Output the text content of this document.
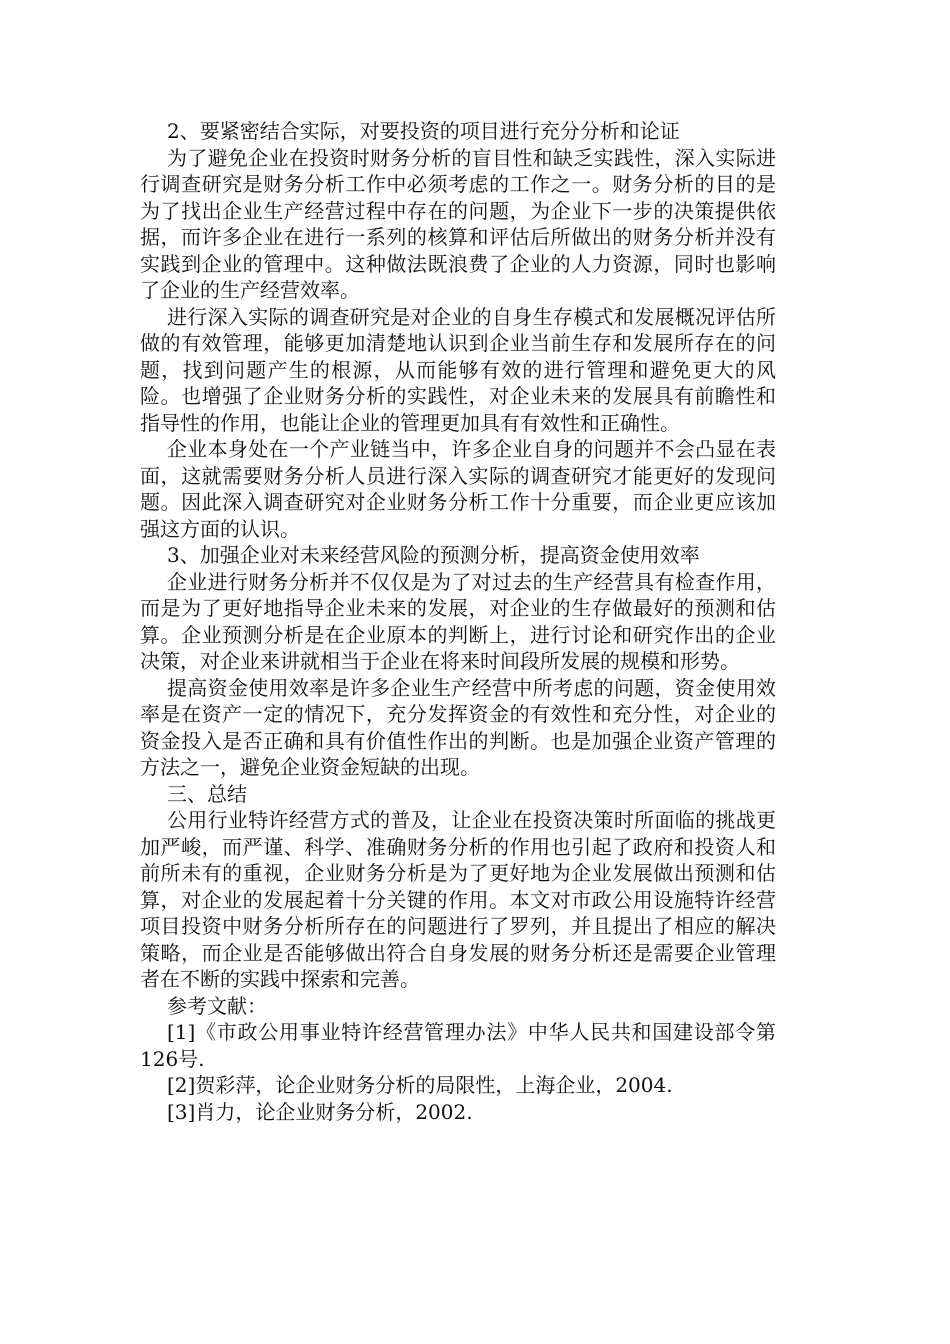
2、要紧密结合实际，对要投资的项目进行充分分析和论证

为了避免企业在投资时财务分析的盲目性和缺乏实践性，深入实际进行调查研究是财务分析工作中必须考虑的工作之一。财务分析的目的是为了找出企业生产经营过程中存在的问题，为企业下一步的决策提供依据，而许多企业在进行一系列的核算和评估后所做出的财务分析并没有实践到企业的管理中。这种做法既浪费了企业的人力资源，同时也影响了企业的生产经营效率。

进行深入实际的调查研究是对企业的自身生存模式和发展概况评估所做的有效管理，能够更加清楚地认识到企业当前生存和发展所存在的问题，找到问题产生的根源，从而能够有效的进行管理和避免更大的风险。也增强了企业财务分析的实践性，对企业未来的发展具有前瞻性和指导性的作用，也能让企业的管理更加具有有效性和正确性。

企业本身处在一个产业链当中，许多企业自身的问题并不会凸显在表面，这就需要财务分析人员进行深入实际的调查研究才能更好的发现问题。因此深入调查研究对企业财务分析工作十分重要，而企业更应该加强这方面的认识。

3、加强企业对未来经营风险的预测分析，提高资金使用效率

企业进行财务分析并不仅仅是为了对过去的生产经营具有检查作用，而是为了更好地指导企业未来的发展，对企业的生存做最好的预测和估算。企业预测分析是在企业原本的判断上，进行讨论和研究作出的企业决策，对企业来讲就相当于企业在将来时间段所发展的规模和形势。

提高资金使用效率是许多企业生产经营中所考虑的问题，资金使用效率是在资产一定的情况下，充分发挥资金的有效性和充分性，对企业的资金投入是否正确和具有价值性作出的判断。也是加强企业资产管理的方法之一，避免企业资金短缺的出现。

三、总结

公用行业特许经营方式的普及，让企业在投资决策时所面临的挑战更加严峻，而严谨、科学、准确财务分析的作用也引起了政府和投资人和前所未有的重视，企业财务分析是为了更好地为企业发展做出预测和估算，对企业的发展起着十分关键的作用。本文对市政公用设施特许经营项目投资中财务分析所存在的问题进行了罗列，并且提出了相应的解决策略，而企业是否能够做出符合自身发展的财务分析还是需要企业管理者在不断的实践中探索和完善。

参考文献：

[1]《市政公用事业特许经营管理办法》中华人民共和国建设部令第126号.

[2]贺彩萍，论企业财务分析的局限性，上海企业，2004.

[3]肖力，论企业财务分析，2002.
